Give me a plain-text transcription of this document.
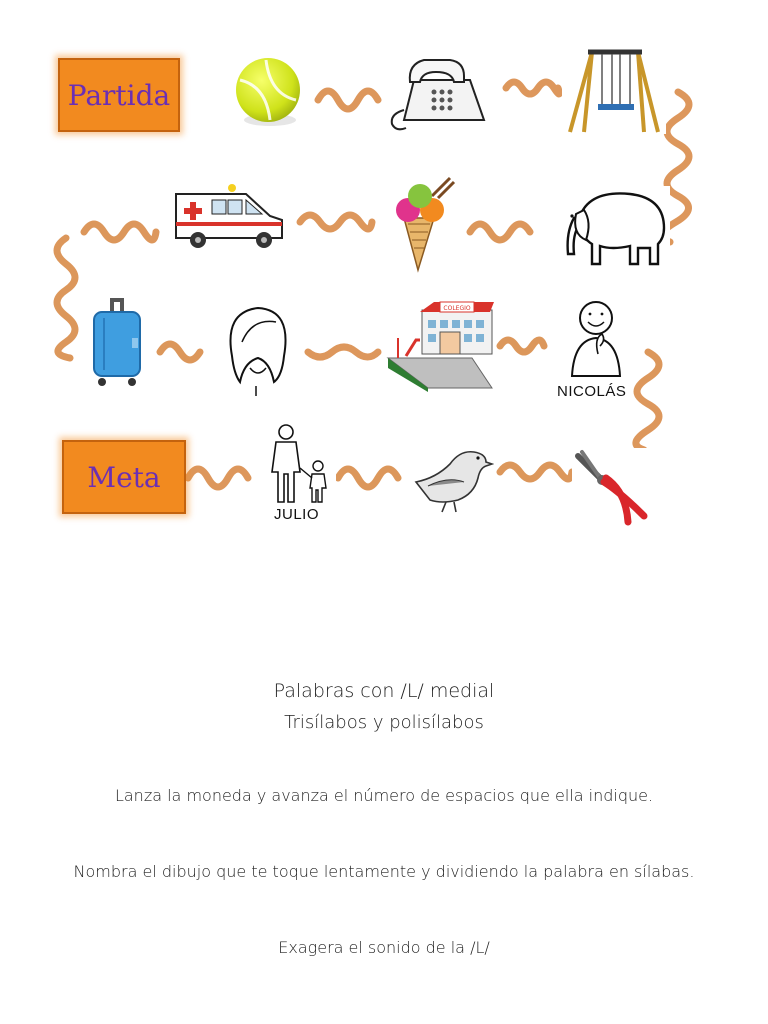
Partida
Meta
COLEGIO
NICOLÁS
JULIO
Palabras con /L/ medial
Trisílabos y polisílabos
Lanza la moneda y avanza el número de espacios que ella indique.
Nombra el dibujo que te toque lentamente y dividiendo la palabra en sílabas.
Exagera el sonido de la /L/
